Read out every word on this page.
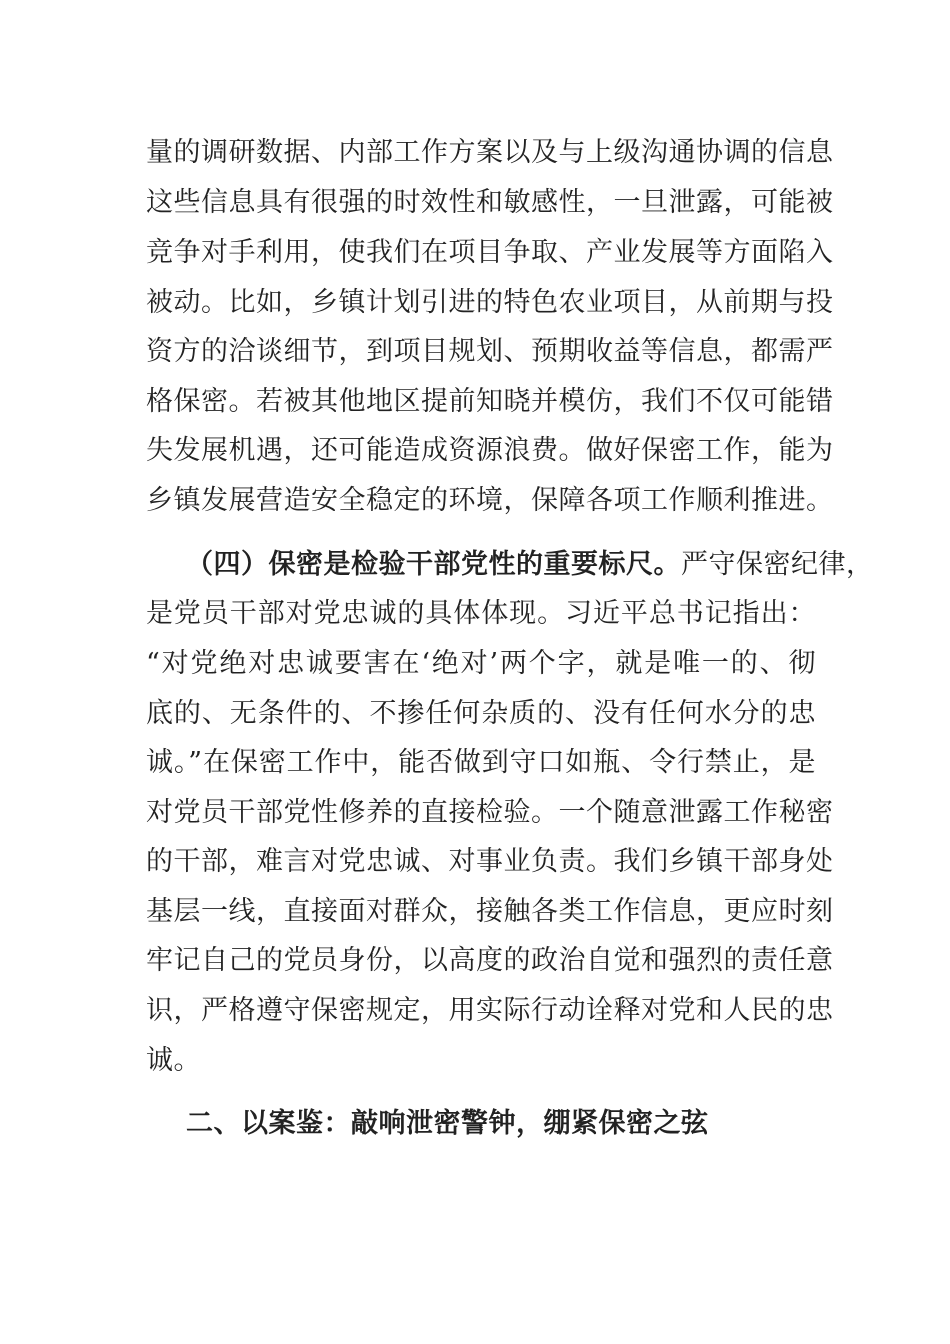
量的调研数据、内部工作方案以及与上级沟通协调的信息
这些信息具有很强的时效性和敏感性，一旦泄露，可能被
竞争对手利用，使我们在项目争取、产业发展等方面陷入
被动。比如，乡镇计划引进的特色农业项目，从前期与投
资方的洽谈细节，到项目规划、预期收益等信息，都需严
格保密。若被其他地区提前知晓并模仿，我们不仅可能错
失发展机遇，还可能造成资源浪费。做好保密工作，能为
乡镇发展营造安全稳定的环境，保障各项工作顺利推进。
（四）保密是检验干部党性的重要标尺。严守保密纪律，
是党员干部对党忠诚的具体体现。习近平总书记指出：
“对党绝对忠诚要害在‘绝对’两个字，就是唯一的、彻
底的、无条件的、不掺任何杂质的、没有任何水分的忠
诚。”在保密工作中，能否做到守口如瓶、令行禁止，是
对党员干部党性修养的直接检验。一个随意泄露工作秘密
的干部，难言对党忠诚、对事业负责。我们乡镇干部身处
基层一线，直接面对群众，接触各类工作信息，更应时刻
牢记自己的党员身份，以高度的政治自觉和强烈的责任意
识，严格遵守保密规定，用实际行动诠释对党和人民的忠
诚。
二、以案鉴：敲响泄密警钟，绷紧保密之弦
